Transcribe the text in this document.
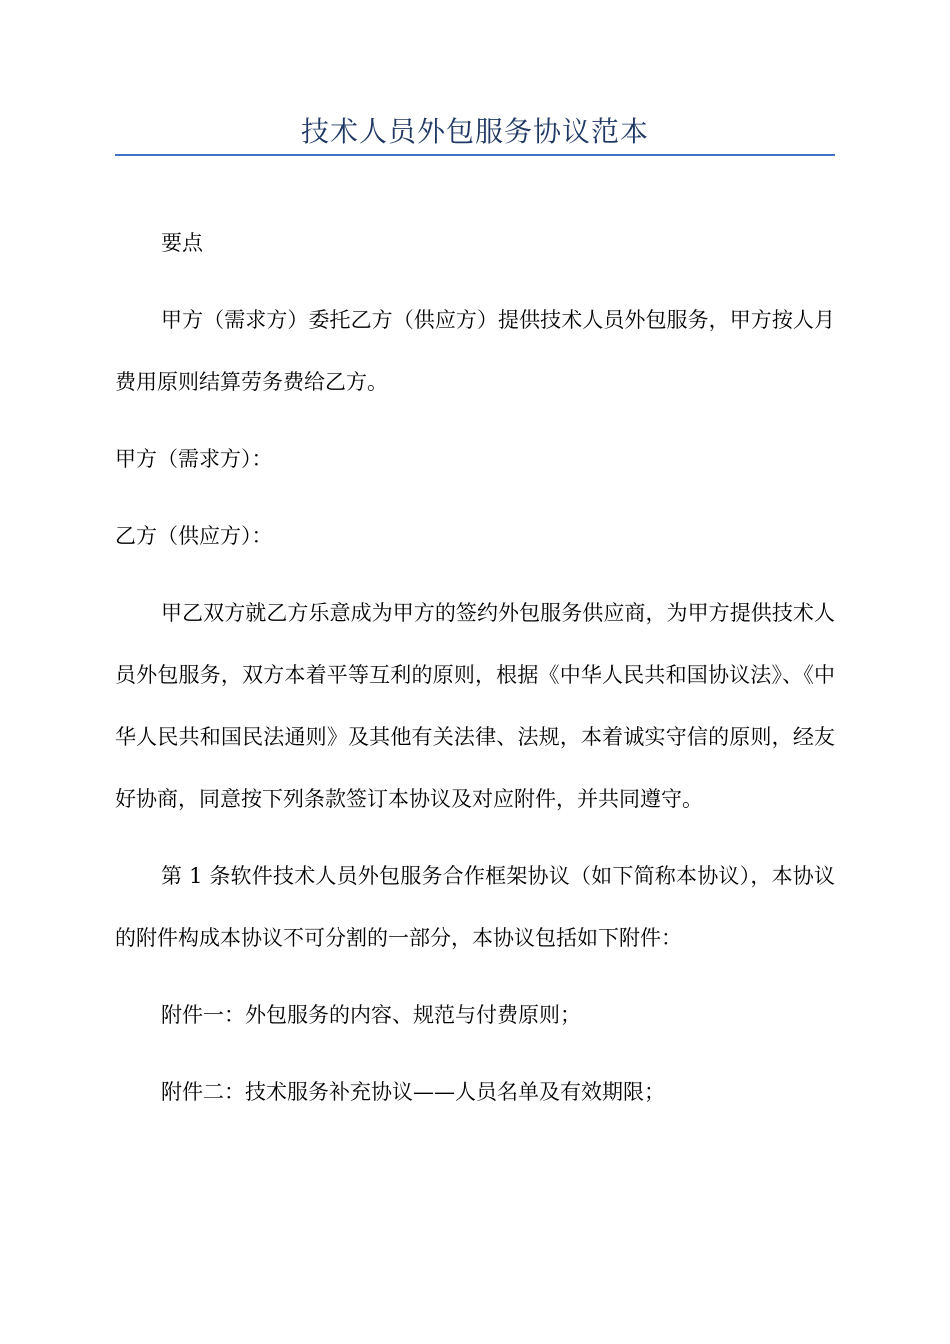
技术人员外包服务协议范本

要点

甲方（需求方）委托乙方（供应方）提供技术人员外包服务，甲方按人月费用原则结算劳务费给乙方。

甲方（需求方）：

乙方（供应方）：

甲乙双方就乙方乐意成为甲方的签约外包服务供应商，为甲方提供技术人员外包服务，双方本着平等互利的原则，根据《中华人民共和国协议法》、《中华人民共和国民法通则》及其他有关法律、法规，本着诚实守信的原则，经友好协商，同意按下列条款签订本协议及对应附件，并共同遵守。

第 1 条软件技术人员外包服务合作框架协议（如下简称本协议），本协议的附件构成本协议不可分割的一部分，本协议包括如下附件：

附件一：外包服务的内容、规范与付费原则；

附件二：技术服务补充协议——人员名单及有效期限；
